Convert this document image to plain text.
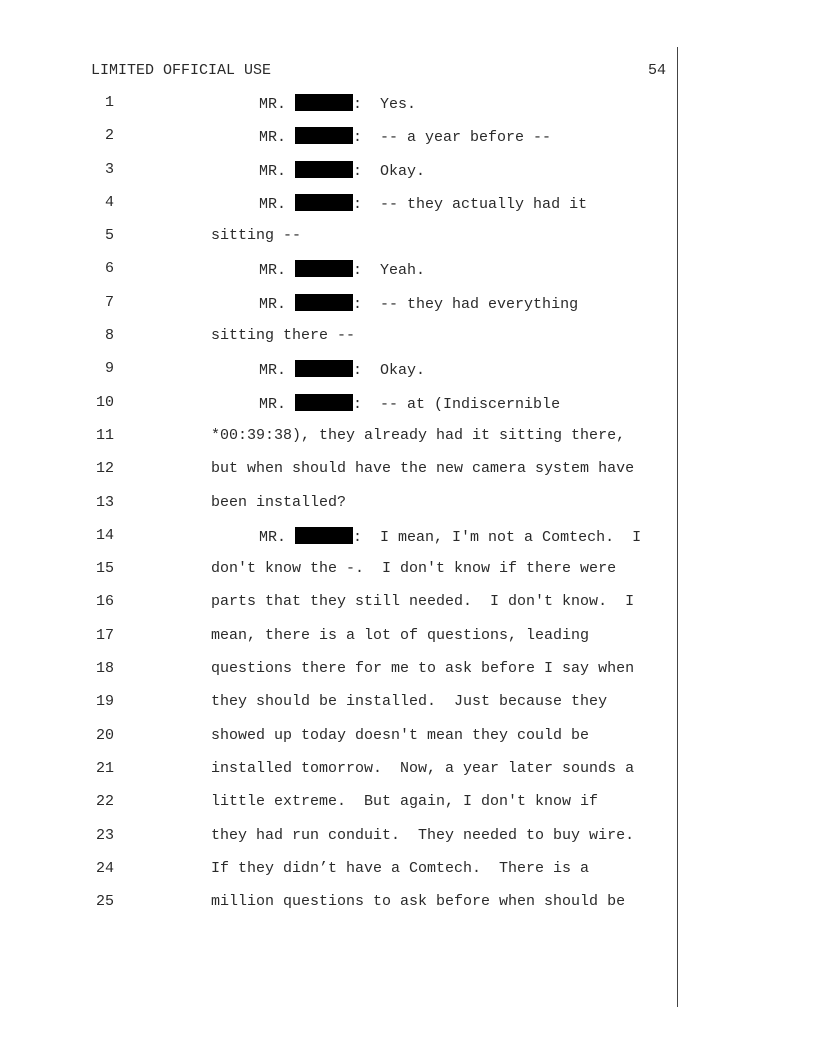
LIMITED OFFICIAL USE	54
1	MR.	:  Yes.
2	MR.	:  -- a year before --
3	MR.	:  Okay.
4	MR.	:  -- they actually had it
5	sitting --
6	MR.	:  Yeah.
7	MR.	:  -- they had everything
8	sitting there --
9	MR.	:  Okay.
10	MR.	:  -- at (Indiscernible
11	*00:39:38), they already had it sitting there,
12	but when should have the new camera system have
13	been installed?
14	MR.	:  I mean, I'm not a Comtech.  I
15	don't know the -.  I don't know if there were
16	parts that they still needed.  I don't know.  I
17	mean, there is a lot of questions, leading
18	questions there for me to ask before I say when
19	they should be installed.  Just because they
20	showed up today doesn't mean they could be
21	installed tomorrow.  Now, a year later sounds a
22	little extreme.  But again, I don't know if
23	they had run conduit.  They needed to buy wire.
24	If they didn’t have a Comtech.  There is a
25	million questions to ask before when should be
